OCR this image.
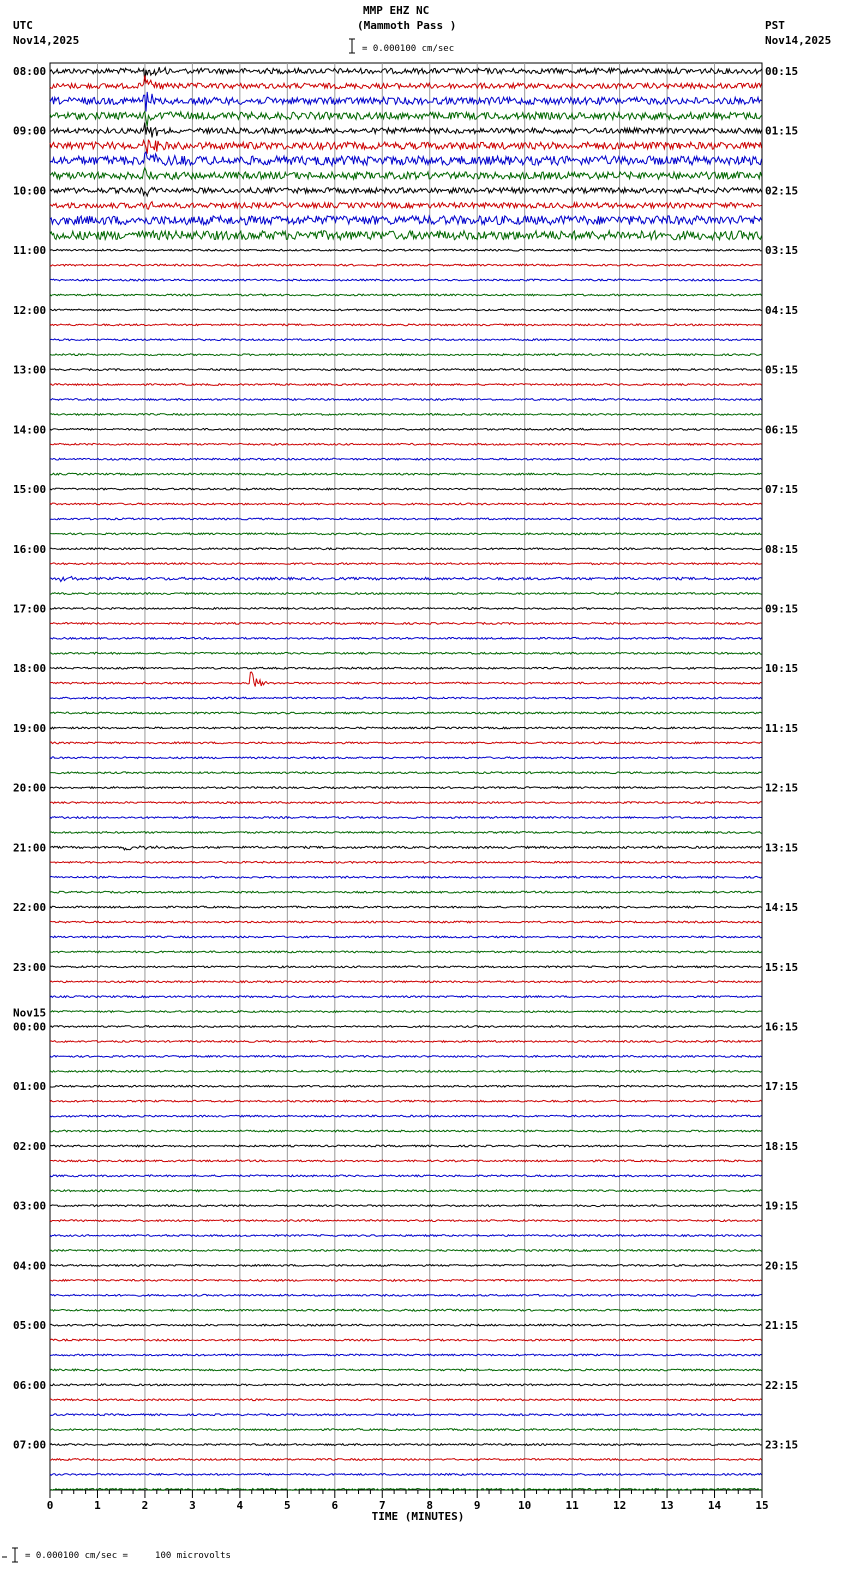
MMP EHZ NC
(Mammoth Pass )
= 0.000100 cm/sec
UTC
Nov14,2025
PST
Nov14,2025
08:00	00:15
09:00	01:15
10:00	02:15
11:00	03:15
12:00	04:15
13:00	05:15
14:00	06:15
15:00	07:15
16:00	08:15
17:00	09:15
18:00	10:15
19:00	11:15
20:00	12:15
21:00	13:15
22:00	14:15
23:00	15:15
00:00	16:15
01:00	17:15
02:00	18:15
03:00	19:15
04:00	20:15
05:00	21:15
06:00	22:15
07:00	23:15
Nov15
0	1	2	3	4	5	6	7	8	9	10	11	12	13	14	15
TIME (MINUTES)
= 0.000100 cm/sec =     100 microvolts
